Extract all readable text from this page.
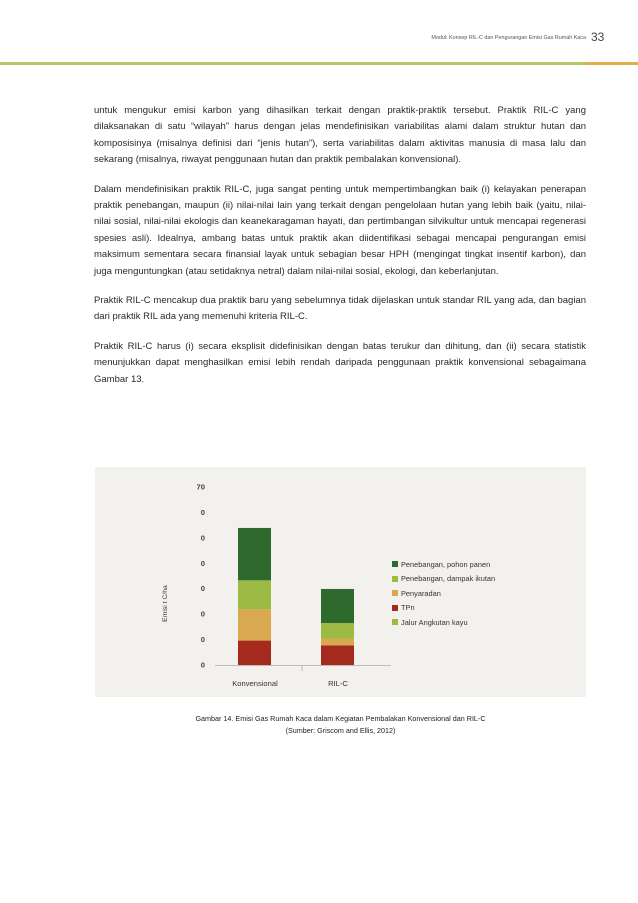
Modul: Konsep RIL-C dan Pengurangan Emisi Gas Rumah Kaca 33

untuk mengukur emisi karbon yang dihasilkan terkait dengan praktik-praktik tersebut. Praktik RIL-C yang dilaksanakan di satu “wilayah” harus dengan jelas mendefinisikan variabilitas alami dalam struktur hutan dan komposisinya (misalnya definisi dari “jenis hutan”), serta variabilitas dalam aktivitas manusia di masa lalu dan sekarang (misalnya, riwayat penggunaan hutan dan praktik pembalakan konvensional).

Dalam mendefinisikan praktik RIL-C, juga sangat penting untuk mempertimbangkan baik (i) kelayakan penerapan praktik penebangan, maupun (ii) nilai-nilai lain yang terkait dengan pengelolaan hutan yang lebih baik (yaitu, nilai-nilai sosial, nilai-nilai ekologis dan keanekaragaman hayati, dan pertimbangan silvikultur untuk mencapai regenerasi spesies asli). Idealnya, ambang batas untuk praktik akan diidentifikasi sebagai mencapai pengurangan emisi maksimum sementara secara finansial layak untuk sebagian besar HPH (mengingat tingkat insentif karbon), dan juga menguntungkan (atau setidaknya netral) dalam nilai-nilai sosial, ekologi, dan keberlanjutan.

Praktik RIL-C mencakup dua praktik baru yang sebelumnya tidak dijelaskan untuk standar RIL yang ada, dan bagian dari praktik RIL ada yang memenuhi kriteria RIL-C.

Praktik RIL-C harus (i) secara eksplisit didefinisikan dengan batas terukur dan dihitung, dan (ii) secara statistik menunjukkan dapat menghasilkan emisi lebih rendah daripada penggunaan praktik konvensional sebagaimana Gambar 13.

0
0
0
0
0
0
0
70
Konvensional	RIL-C
Emisi t C/ha
Penebangan, pohon panen
Penebangan, dampak ikutan
Penyaradan
TPn
Jalur Angkutan kayu
Gambar 14. Emisi Gas Rumah Kaca dalam Kegiatan Pembalakan Konvensional dan RIL-C
(Sumber: Griscom and Ellis, 2012)
